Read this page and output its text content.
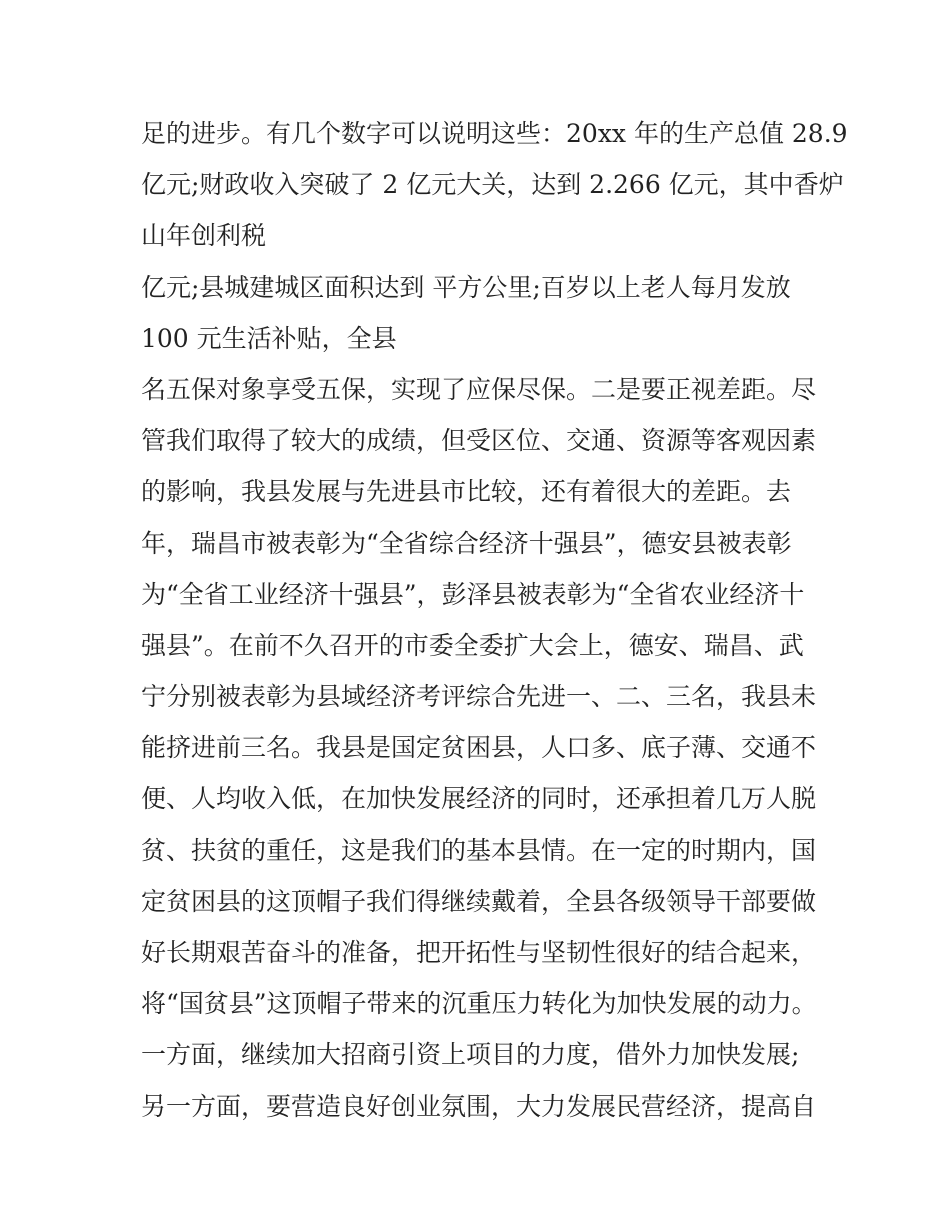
足的进步。有几个数字可以说明这些：20xx 年的生产总值 28.9
亿元;财政收入突破了 2 亿元大关，达到 2.266 亿元，其中香炉
山年创利税
亿元;县城建城区面积达到 平方公里;百岁以上老人每月发放
100 元生活补贴，全县
名五保对象享受五保，实现了应保尽保。二是要正视差距。尽
管我们取得了较大的成绩，但受区位、交通、资源等客观因素
的影响，我县发展与先进县市比较，还有着很大的差距。去
年，瑞昌市被表彰为“全省综合经济十强县”，德安县被表彰
为“全省工业经济十强县”，彭泽县被表彰为“全省农业经济十
强县”。在前不久召开的市委全委扩大会上，德安、瑞昌、武
宁分别被表彰为县域经济考评综合先进一、二、三名，我县未
能挤进前三名。我县是国定贫困县，人口多、底子薄、交通不
便、人均收入低，在加快发展经济的同时，还承担着几万人脱
贫、扶贫的重任，这是我们的基本县情。在一定的时期内，国
定贫困县的这顶帽子我们得继续戴着，全县各级领导干部要做
好长期艰苦奋斗的准备，把开拓性与坚韧性很好的结合起来，
将“国贫县”这顶帽子带来的沉重压力转化为加快发展的动力。
一方面，继续加大招商引资上项目的力度，借外力加快发展;
另一方面，要营造良好创业氛围，大力发展民营经济，提高自
